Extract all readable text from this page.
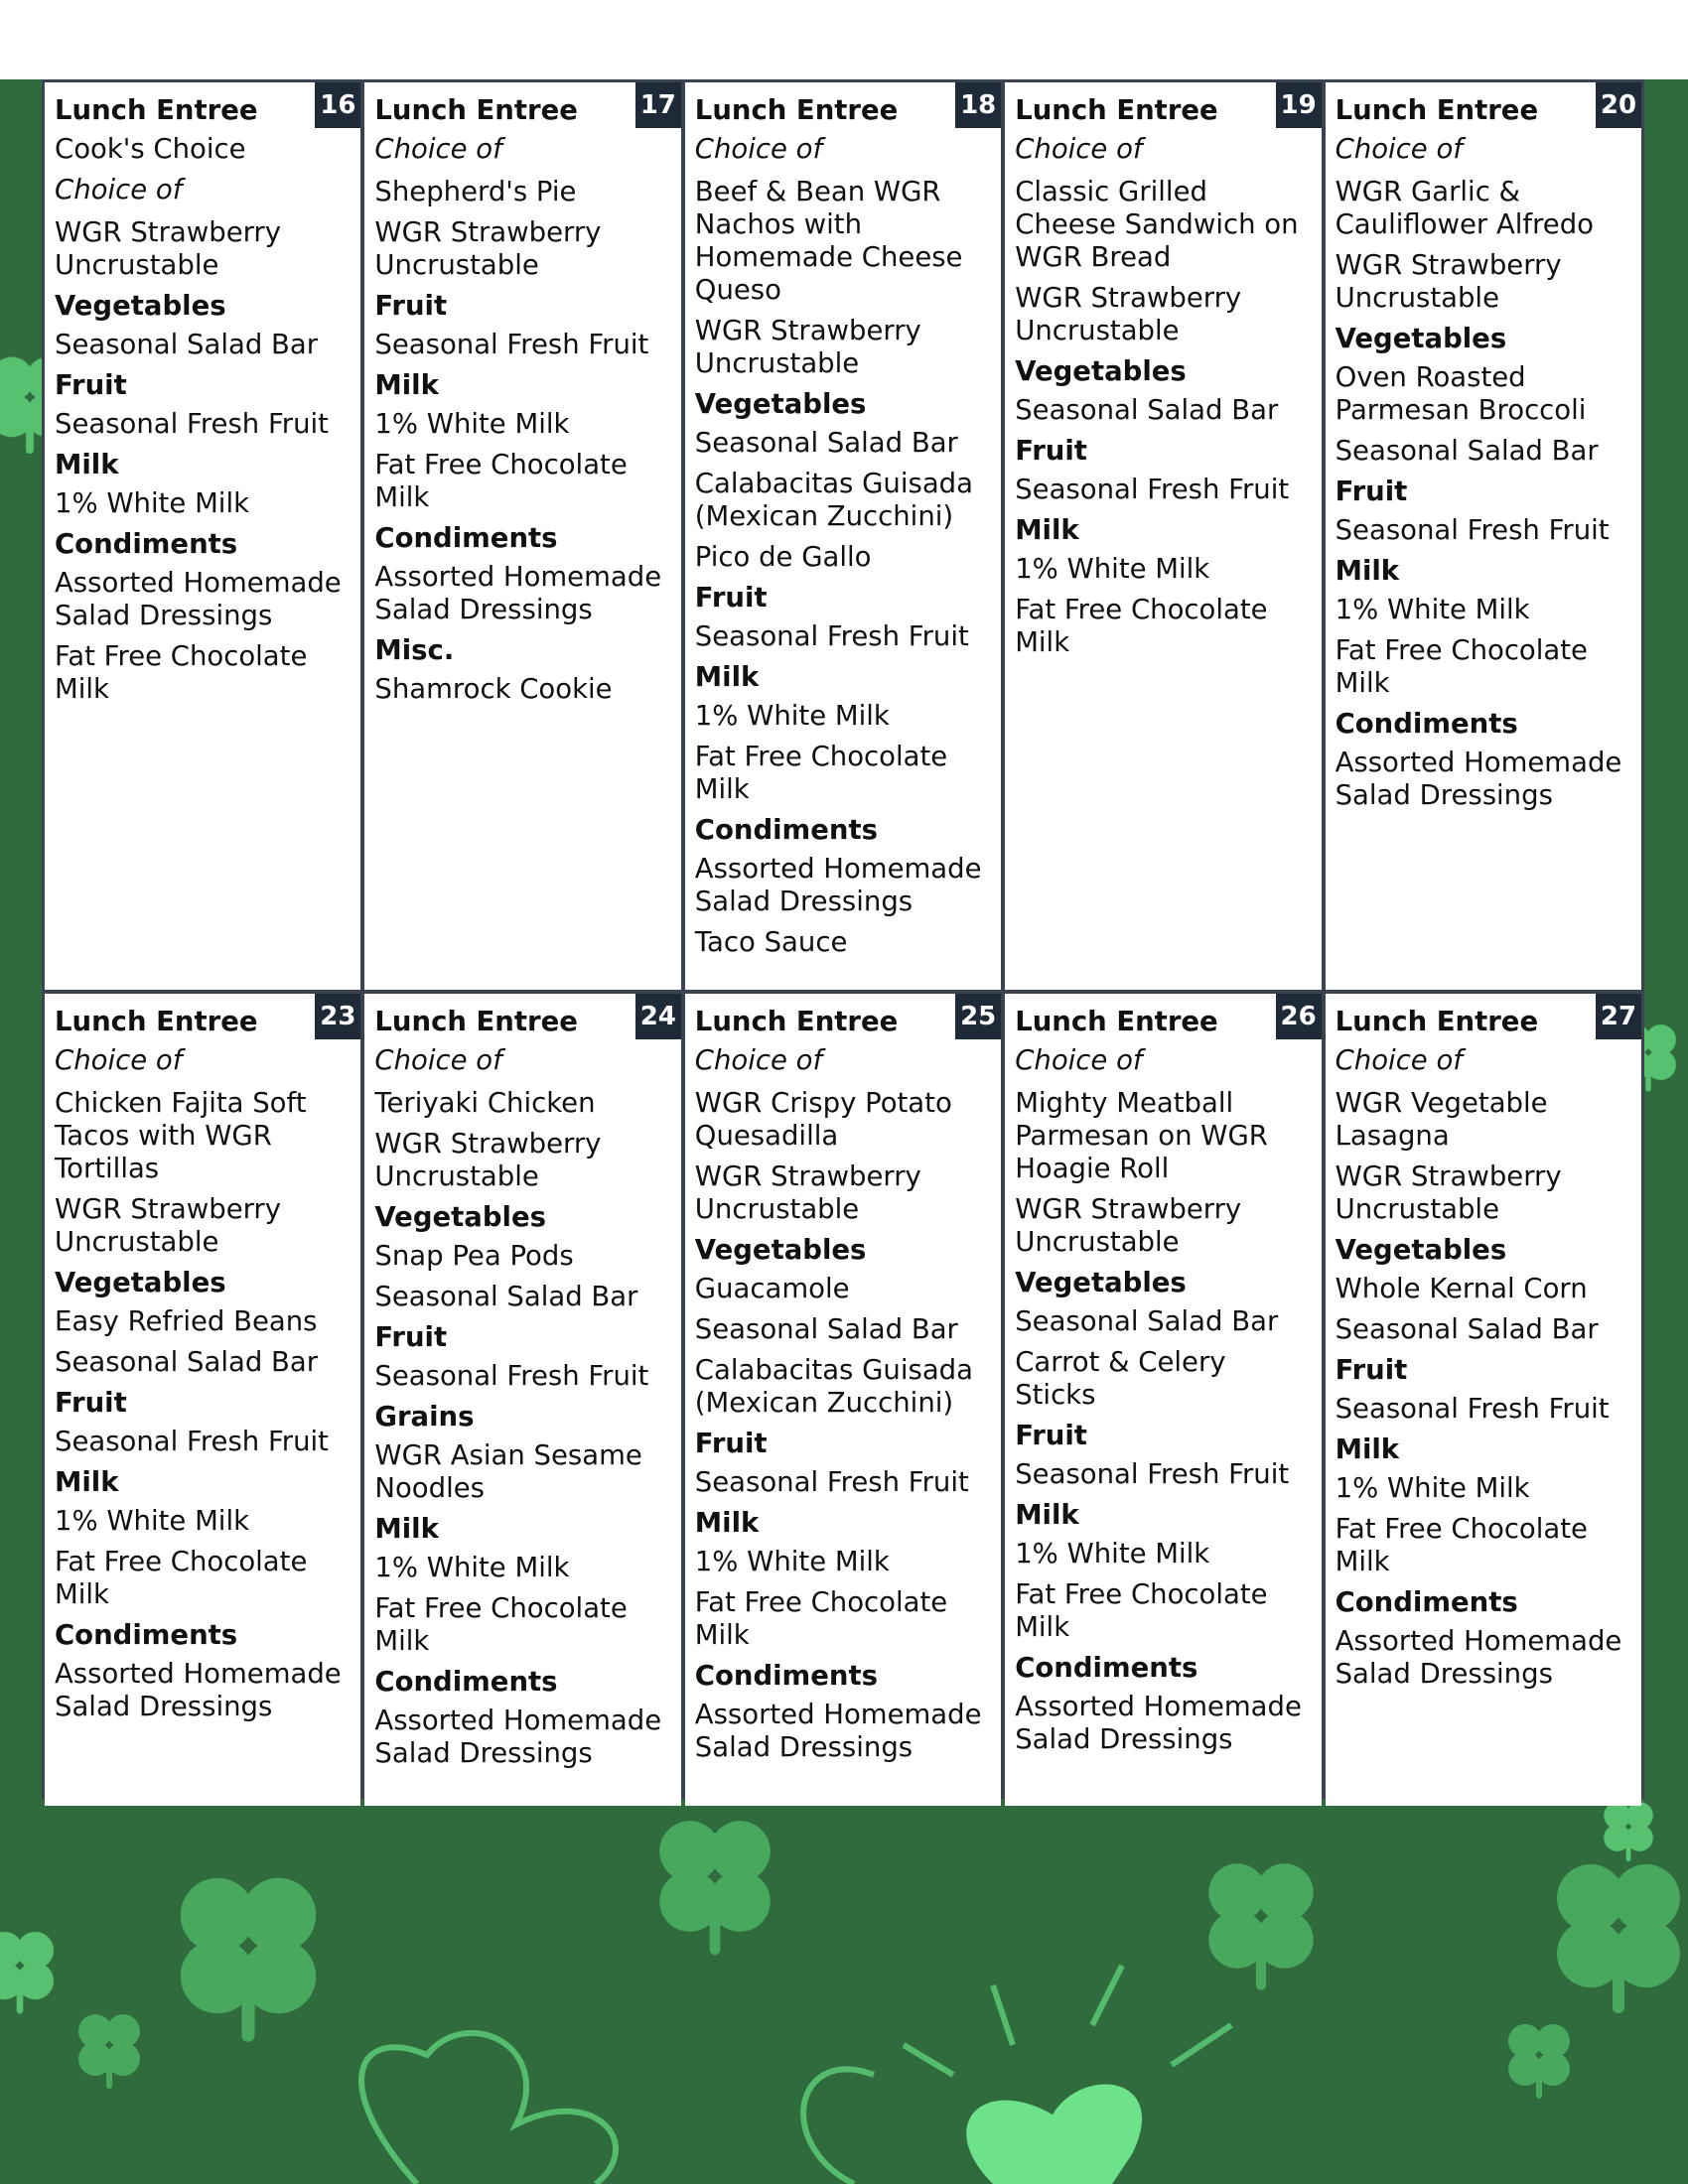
16
Lunch Entree
Cook's Choice
Choice of
WGR Strawberry Uncrustable
Vegetables
Seasonal Salad Bar
Fruit
Seasonal Fresh Fruit
Milk
1% White Milk
Condiments
Assorted Homemade Salad Dressings
Fat Free Chocolate Milk
17
Lunch Entree
Choice of
Shepherd's Pie
WGR Strawberry Uncrustable
Fruit
Seasonal Fresh Fruit
Milk
1% White Milk
Fat Free Chocolate Milk
Condiments
Assorted Homemade Salad Dressings
Misc.
Shamrock Cookie
18
Lunch Entree
Choice of
Beef & Bean WGR Nachos with Homemade Cheese Queso
WGR Strawberry Uncrustable
Vegetables
Seasonal Salad Bar
Calabacitas Guisada (Mexican Zucchini)
Pico de Gallo
Fruit
Seasonal Fresh Fruit
Milk
1% White Milk
Fat Free Chocolate Milk
Condiments
Assorted Homemade Salad Dressings
Taco Sauce
19
Lunch Entree
Choice of
Classic Grilled Cheese Sandwich on WGR Bread
WGR Strawberry Uncrustable
Vegetables
Seasonal Salad Bar
Fruit
Seasonal Fresh Fruit
Milk
1% White Milk
Fat Free Chocolate Milk
20
Lunch Entree
Choice of
WGR Garlic & Cauliflower Alfredo
WGR Strawberry Uncrustable
Vegetables
Oven Roasted Parmesan Broccoli
Seasonal Salad Bar
Fruit
Seasonal Fresh Fruit
Milk
1% White Milk
Fat Free Chocolate Milk
Condiments
Assorted Homemade Salad Dressings
23
Lunch Entree
Choice of
Chicken Fajita Soft Tacos with WGR Tortillas
WGR Strawberry Uncrustable
Vegetables
Easy Refried Beans
Seasonal Salad Bar
Fruit
Seasonal Fresh Fruit
Milk
1% White Milk
Fat Free Chocolate Milk
Condiments
Assorted Homemade Salad Dressings
24
Lunch Entree
Choice of
Teriyaki Chicken
WGR Strawberry Uncrustable
Vegetables
Snap Pea Pods
Seasonal Salad Bar
Fruit
Seasonal Fresh Fruit
Grains
WGR Asian Sesame Noodles
Milk
1% White Milk
Fat Free Chocolate Milk
Condiments
Assorted Homemade Salad Dressings
25
Lunch Entree
Choice of
WGR Crispy Potato Quesadilla
WGR Strawberry Uncrustable
Vegetables
Guacamole
Seasonal Salad Bar
Calabacitas Guisada (Mexican Zucchini)
Fruit
Seasonal Fresh Fruit
Milk
1% White Milk
Fat Free Chocolate Milk
Condiments
Assorted Homemade Salad Dressings
26
Lunch Entree
Choice of
Mighty Meatball Parmesan on WGR Hoagie Roll
WGR Strawberry Uncrustable
Vegetables
Seasonal Salad Bar
Carrot & Celery Sticks
Fruit
Seasonal Fresh Fruit
Milk
1% White Milk
Fat Free Chocolate Milk
Condiments
Assorted Homemade Salad Dressings
27
Lunch Entree
Choice of
WGR Vegetable Lasagna
WGR Strawberry Uncrustable
Vegetables
Whole Kernal Corn
Seasonal Salad Bar
Fruit
Seasonal Fresh Fruit
Milk
1% White Milk
Fat Free Chocolate Milk
Condiments
Assorted Homemade Salad Dressings
